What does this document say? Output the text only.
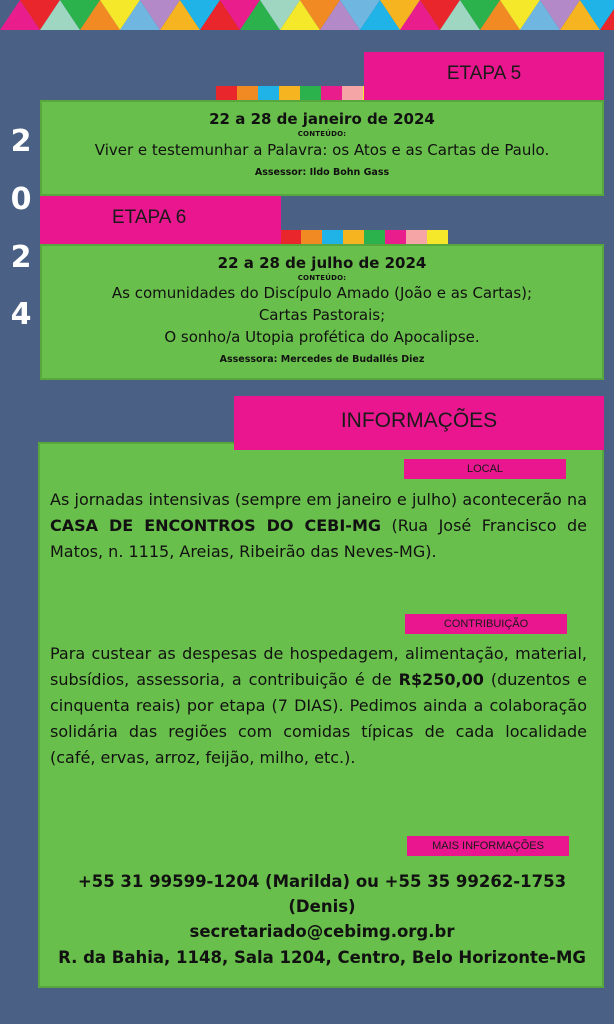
2
0
2
4
ETAPA 5
22 a 28 de janeiro de 2024
CONTEÚDO:
Viver e testemunhar a Palavra: os Atos e as Cartas de Paulo.
Assessor: Ildo Bohn Gass
ETAPA 6
22 a 28 de julho de 2024
CONTEÚDO:
As comunidades do Discípulo Amado (João e as Cartas);
Cartas Pastorais;
O sonho/a Utopia profética do Apocalipse.
Assessora: Mercedes de Budallés Diez
INFORMAÇÕES
LOCAL
As jornadas intensivas (sempre em janeiro e julho) acontecerão na CASA DE ENCONTROS DO CEBI-MG (Rua José Francisco de Matos, n. 1115, Areias, Ribeirão das Neves-MG).
CONTRIBUIÇÃO
Para custear as despesas de hospedagem, alimentação, material, subsídios, assessoria, a contribuição é de R$250,00 (duzentos e cinquenta reais) por etapa (7 DIAS). Pedimos ainda a colaboração solidária das regiões com comidas típicas de cada localidade (café, ervas, arroz, feijão, milho, etc.).
MAIS INFORMAÇÕES
+55 31 99599-1204 (Marilda) ou +55 35 99262-1753
(Denis)
secretariado@cebimg.org.br
R. da Bahia, 1148, Sala 1204, Centro, Belo Horizonte-MG
